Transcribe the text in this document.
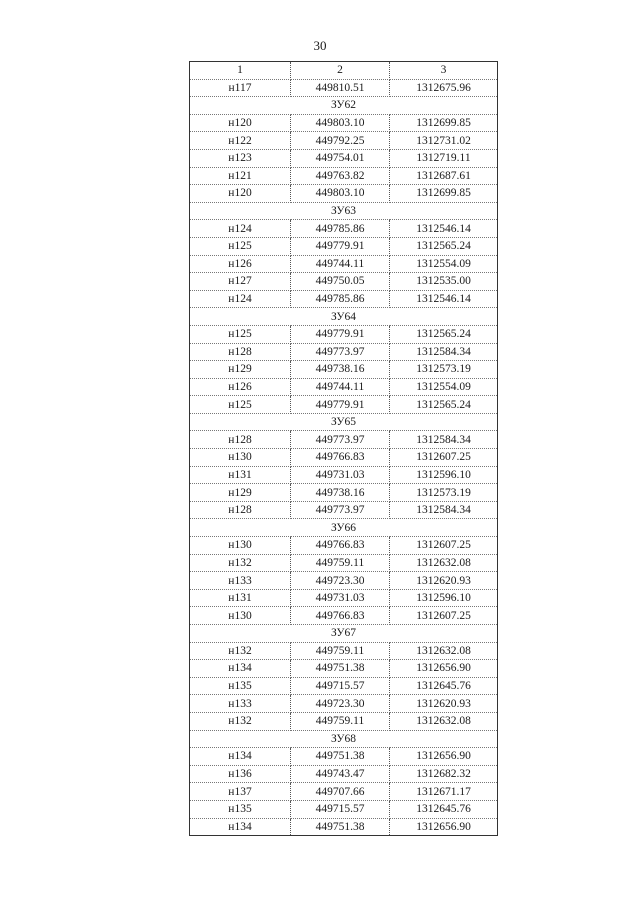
30
1	2	3
н117	449810.51	1312675.96
ЗУ62		
н120	449803.10	1312699.85
н122	449792.25	1312731.02
н123	449754.01	1312719.11
н121	449763.82	1312687.61
н120	449803.10	1312699.85
ЗУ63		
н124	449785.86	1312546.14
н125	449779.91	1312565.24
н126	449744.11	1312554.09
н127	449750.05	1312535.00
н124	449785.86	1312546.14
ЗУ64		
н125	449779.91	1312565.24
н128	449773.97	1312584.34
н129	449738.16	1312573.19
н126	449744.11	1312554.09
н125	449779.91	1312565.24
ЗУ65		
н128	449773.97	1312584.34
н130	449766.83	1312607.25
н131	449731.03	1312596.10
н129	449738.16	1312573.19
н128	449773.97	1312584.34
ЗУ66		
н130	449766.83	1312607.25
н132	449759.11	1312632.08
н133	449723.30	1312620.93
н131	449731.03	1312596.10
н130	449766.83	1312607.25
ЗУ67		
н132	449759.11	1312632.08
н134	449751.38	1312656.90
н135	449715.57	1312645.76
н133	449723.30	1312620.93
н132	449759.11	1312632.08
ЗУ68		
н134	449751.38	1312656.90
н136	449743.47	1312682.32
н137	449707.66	1312671.17
н135	449715.57	1312645.76
н134	449751.38	1312656.90
